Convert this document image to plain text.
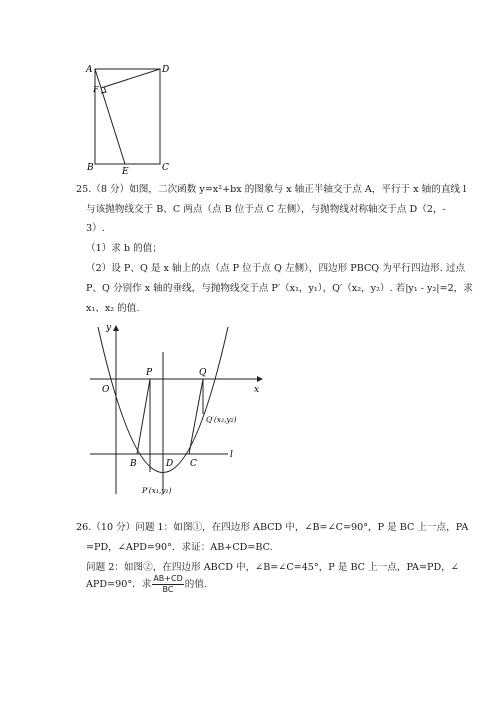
A	D
F
B	E	C
25.（8 分）如图，二次函数 y=x²+bx 的图象与 x 轴正半轴交于点 A，平行于 x 轴的直线 l
与该抛物线交于 B、C 两点（点 B 位于点 C 左侧），与抛物线对称轴交于点 D（2，-
3）.
（1）求 b 的值；
（2）设 P、Q 是 x 轴上的点（点 P 位于点 Q 左侧），四边形 PBCQ 为平行四边形. 过点
P、Q 分别作 x 轴的垂线，与抛物线交于点 P′（x₁，y₁），Q′（x₂，y₂）. 若|y₁ - y₂|=2，求
x₁、x₂ 的值.
y
x
O
P	Q
Q′(x₂,y₂)
B	D C
l
P′(x₁,y₁)
26.（10 分）问题 1：如图①，在四边形 ABCD 中，∠B=∠C=90°，P 是 BC 上一点，PA
=PD，∠APD=90°．求证：AB+CD=BC.
问题 2：如图②，在四边形 ABCD 中，∠B=∠C=45°，P 是 BC 上一点，PA=PD，∠
APD=90°．求 $\frac{AB+CD}{BC}$ 的值.
